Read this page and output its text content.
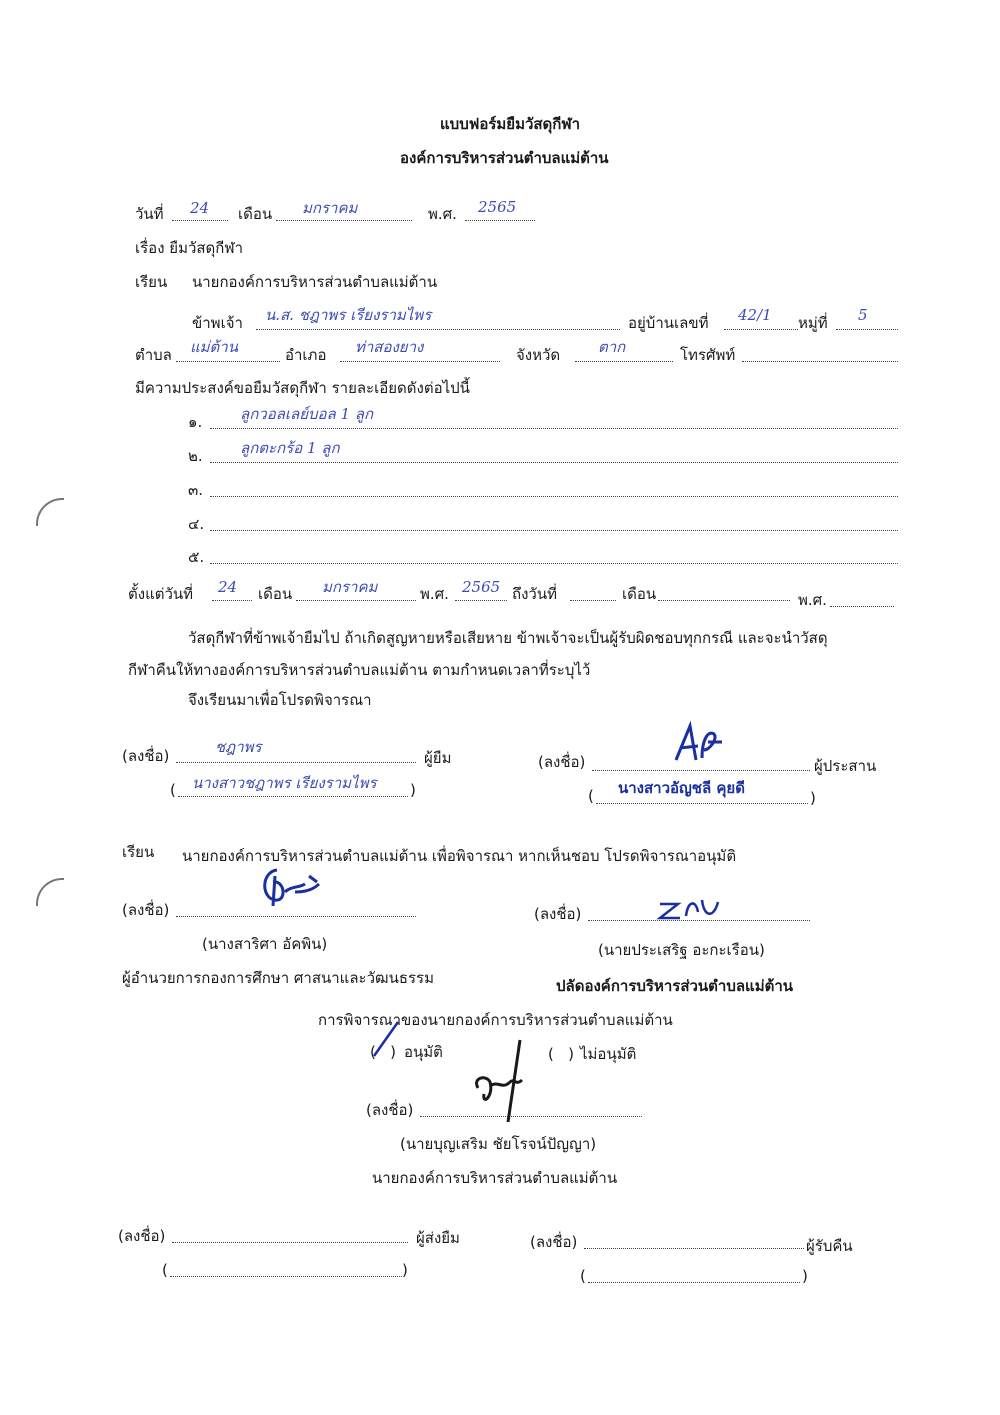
แบบฟอร์มยืมวัสดุกีฬา
องค์การบริหารส่วนตำบลแม่ต้าน
วันที่ 24 เดือน มกราคม	พ.ศ. 2565
เรื่อง ยืมวัสดุกีฬา
เรียน นายกองค์การบริหารส่วนตำบลแม่ต้าน
ข้าพเจ้า น.ส. ชฎาพร เรียงรามไพร	อยู่บ้านเลขที่ 42/1 หมู่ที่ 5
ตำบล แม่ต้าน	อำเภอ ท่าสองยาง	จังหวัด	ตาก	โทรศัพท์
มีความประสงค์ขอยืมวัสดุกีฬา รายละเอียดดังต่อไปนี้
๑.	ลูกวอลเลย์บอล 1 ลูก
๒. ลูกตะกร้อ 1 ลูก
๓.
๔.
๕.
ตั้งแต่วันที่ 24 เดือน มกราคม	พ.ศ. 2565 ถึงวันที่	เดือน	พ.ศ.
วัสดุกีฬาที่ข้าพเจ้ายืมไป ถ้าเกิดสูญหายหรือเสียหาย ข้าพเจ้าจะเป็นผู้รับผิดชอบทุกกรณี และจะนำวัสดุ
กีฬาคืนให้ทางองค์การบริหารส่วนตำบลแม่ต้าน ตามกำหนดเวลาที่ระบุไว้
จึงเรียนมาเพื่อโปรดพิจารณา
(ลงชื่อ)	ชฎาพร
ผู้ยืม
( นางสาวชฎาพร เรียงรามไพร )
(ลงชื่อ)	ผู้ประสาน
( นางสาวอัญชลี คุยดี
)
เรียน นายกองค์การบริหารส่วนตำบลแม่ต้าน เพื่อพิจารณา หากเห็นชอบ โปรดพิจารณาอนุมัติ
(ลงชื่อ)
(นางสาริศา อัคพิน)
ผู้อำนวยการกองการศึกษา ศาสนาและวัฒนธรรม
(ลงชื่อ)
(นายประเสริฐ อะกะเรือน)
ปลัดองค์การบริหารส่วนตำบลแม่ต้าน
การพิจารณาของนายกองค์การบริหารส่วนตำบลแม่ต้าน
(   ) อนุมัติ	(   ) ไม่อนุมัติ
(ลงชื่อ)
(นายบุญเสริม ชัยโรจน์ปัญญา)
นายกองค์การบริหารส่วนตำบลแม่ต้าน
(ลงชื่อ)	ผู้ส่งยืม
(	)
(ลงชื่อ)	ผู้รับคืน
(	)
